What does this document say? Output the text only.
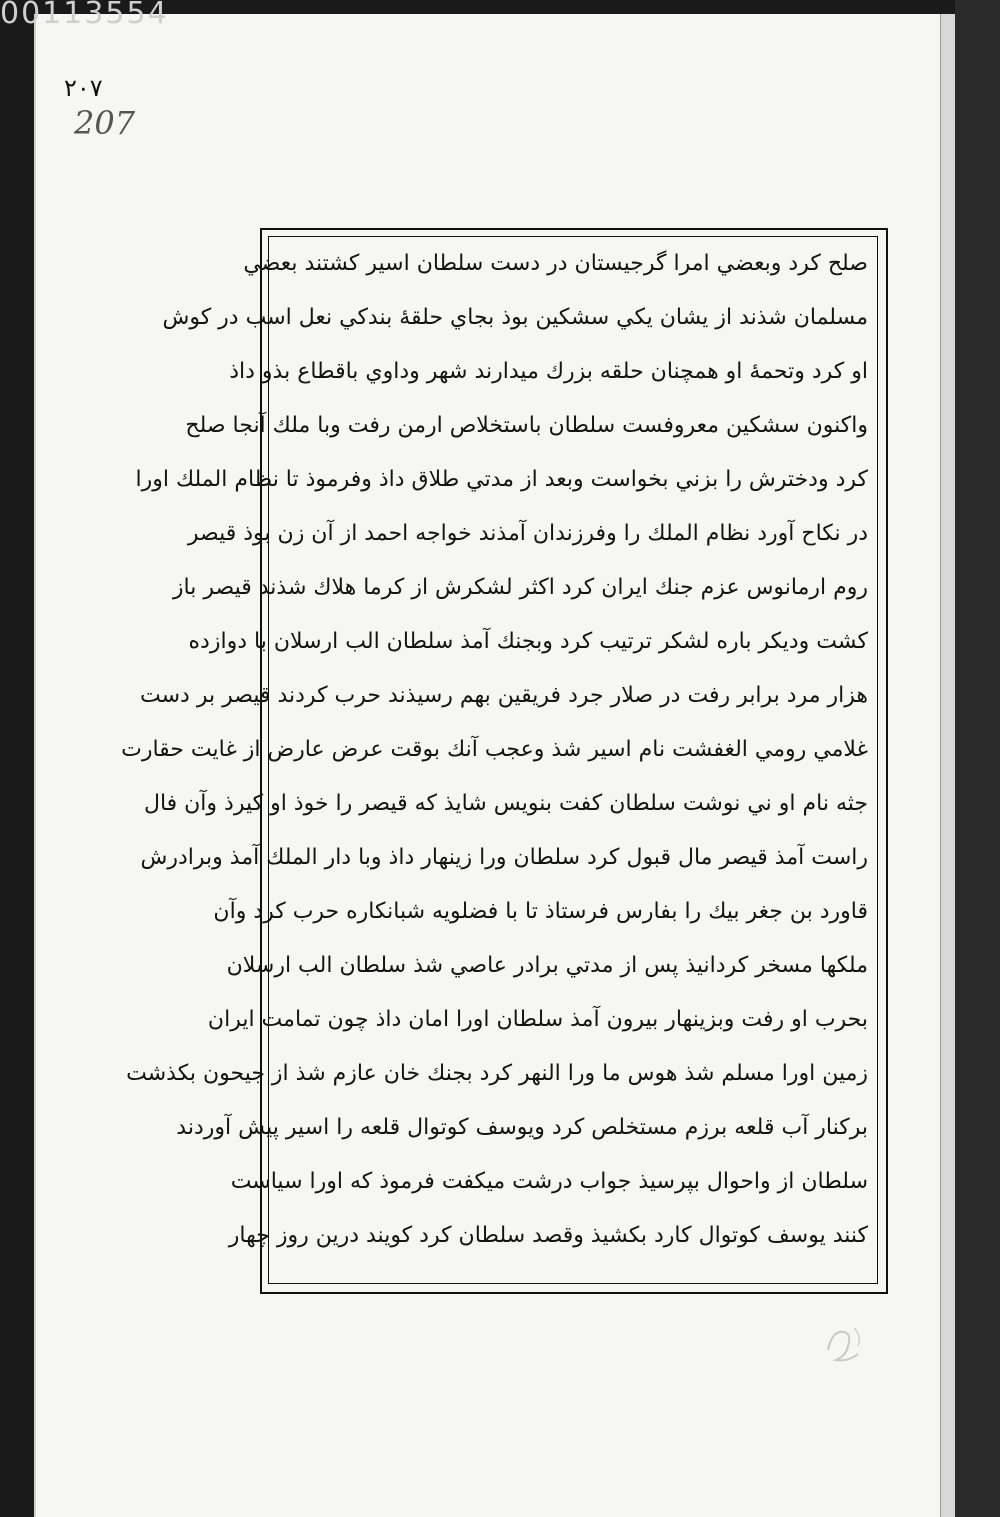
00113554
٢٠٧
207
صلح كرد وبعضي امرا گرجيستان در دست سلطان اسير كشتند بعضي
مسلمان شذند از يشان يكي سشكين بوذ بجاي حلقهٔ بندكي نعل اسب در كوش
او كرد وتحمهٔ او همچنان حلقه بزرك ميدارند شهر وداوي باقطاع بذو داذ
واكنون سشكين معروفست سلطان باستخلاص ارمن رفت وبا ملك آنجا صلح
كرد ودخترش را بزني بخواست وبعد از مدتي طلاق داذ وفرموذ تا نظام الملك اورا
در نكاح آورد نظام الملك را وفرزندان آمذند خواجه احمد از آن زن بوذ قيصر
روم ارمانوس عزم جنك ايران كرد اكثر لشكرش از كرما هلاك شذند قيصر باز
كشت وديكر باره لشكر ترتيب كرد وبجنك آمذ سلطان الب ارسلان با دوازده
هزار مرد برابر رفت در صلار جرد فريقين بهم رسيذند حرب كردند قيصر بر دست
غلامي رومي الغفشت نام اسير شذ وعجب آنك بوقت عرض عارض از غايت حقارت
جثه نام او ني نوشت سلطان كفت بنويس شايذ كه قيصر را خوذ او كيرذ وآن فال
راست آمذ قيصر مال قبول كرد سلطان ورا زينهار داذ وبا دار الملك آمذ وبرادرش
قاورد بن جغر بيك را بفارس فرستاذ تا با فضلويه شبانكاره حرب كرد وآن
ملكها مسخر كردانيذ پس از مدتي برادر عاصي شذ سلطان الب ارسلان
بحرب او رفت وبزينهار بيرون آمذ سلطان اورا امان داذ چون تمامت ايران
زمين اورا مسلم شذ هوس ما ورا النهر كرد بجنك خان عازم شذ از جيحون بكذشت
بركنار آب قلعه برزم مستخلص كرد ويوسف كوتوال قلعه را اسير پيش آوردند
سلطان از واحوال بپرسيذ جواب درشت ميكفت فرموذ كه اورا سياست
كنند يوسف كوتوال كارد بكشيذ وقصد سلطان كرد كويند درين روز چهار
